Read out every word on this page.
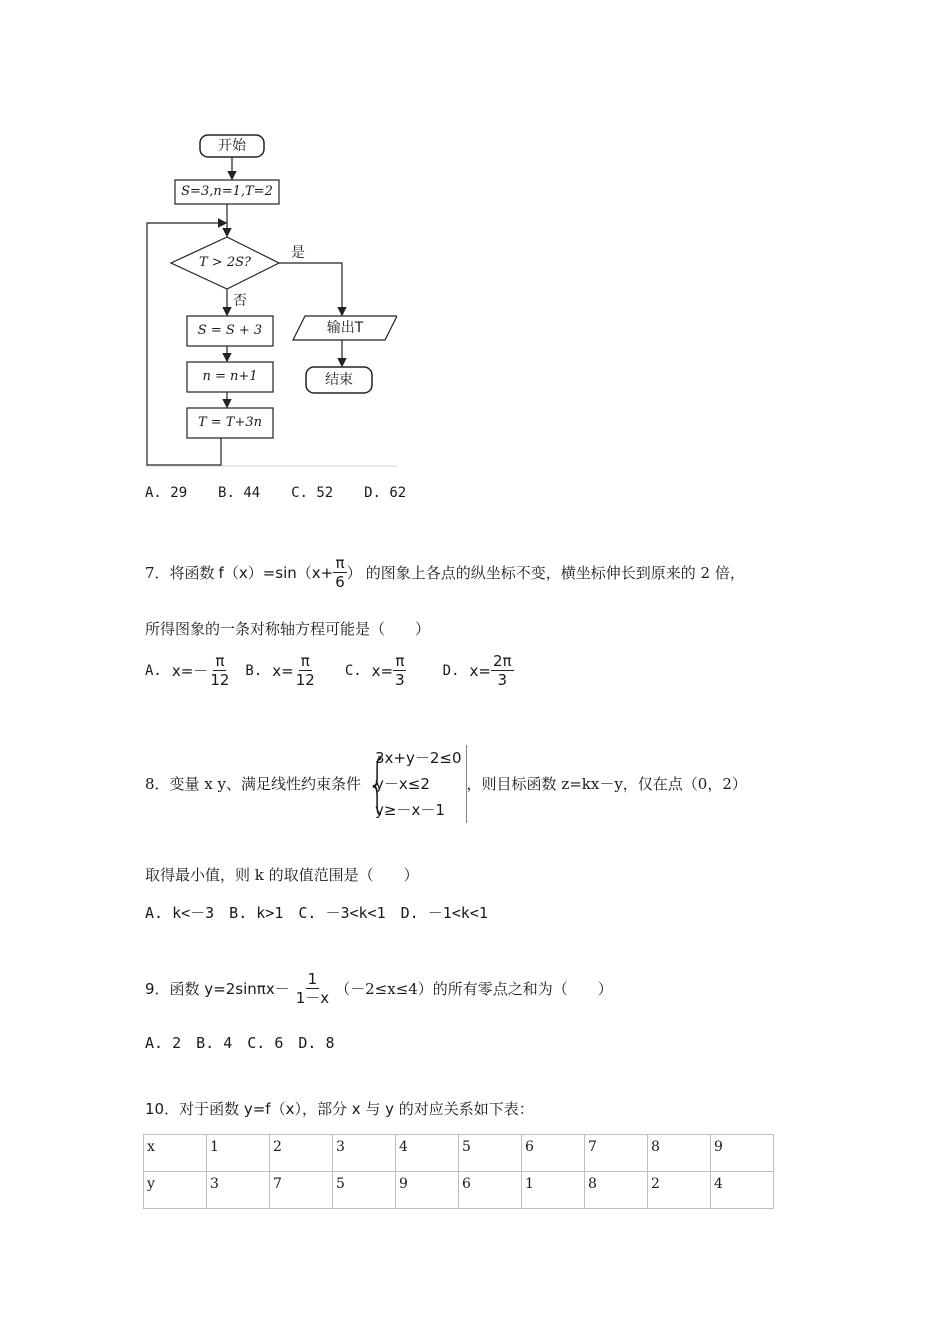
开始
S=3,n=1,T=2
T > 2S?
是
否
S = S + 3
n = n+1
T = T+3n
输出T
结束
A. 29 B. 44 C. 52 D. 62
7．将函数 $f(x)=\sin(x+ \frac{\pi}{6}$ ） 的图象上各点的纵坐标不变，横坐标伸长到原来的 2 倍，
所得图象的一条对称轴方程可能是（　　）
A. $x=- \frac{\pi}{12} B$. $x= \frac{\pi}{12} C$. $x= \frac{\pi}{3}$	D. $x= \frac{2\pi}{3}$
8．变量 x y、满足线性约束条件 {
3x+y－2≤0
y－x≤2
y≥－x－1
，则目标函数 z=kx－y，仅在点（0，2）
取得最小值，则 k 的取值范围是（　　）
A. k<－3　B. k>1　C. －3<k<1　D. －1<k<1
9．函数 $y=2\sin\pi x- \frac{1}{1-x} (-2\le x\le 4)$的所有零点之和为（　　）
A. 2　B. 4　C. 6　D. 8
10．对于函数 y=f（x），部分 x 与 y 的对应关系如下表：
x	1	2	3	4	5	6	7	8	9
y	3	7	5	9	6	1	8	2	4
